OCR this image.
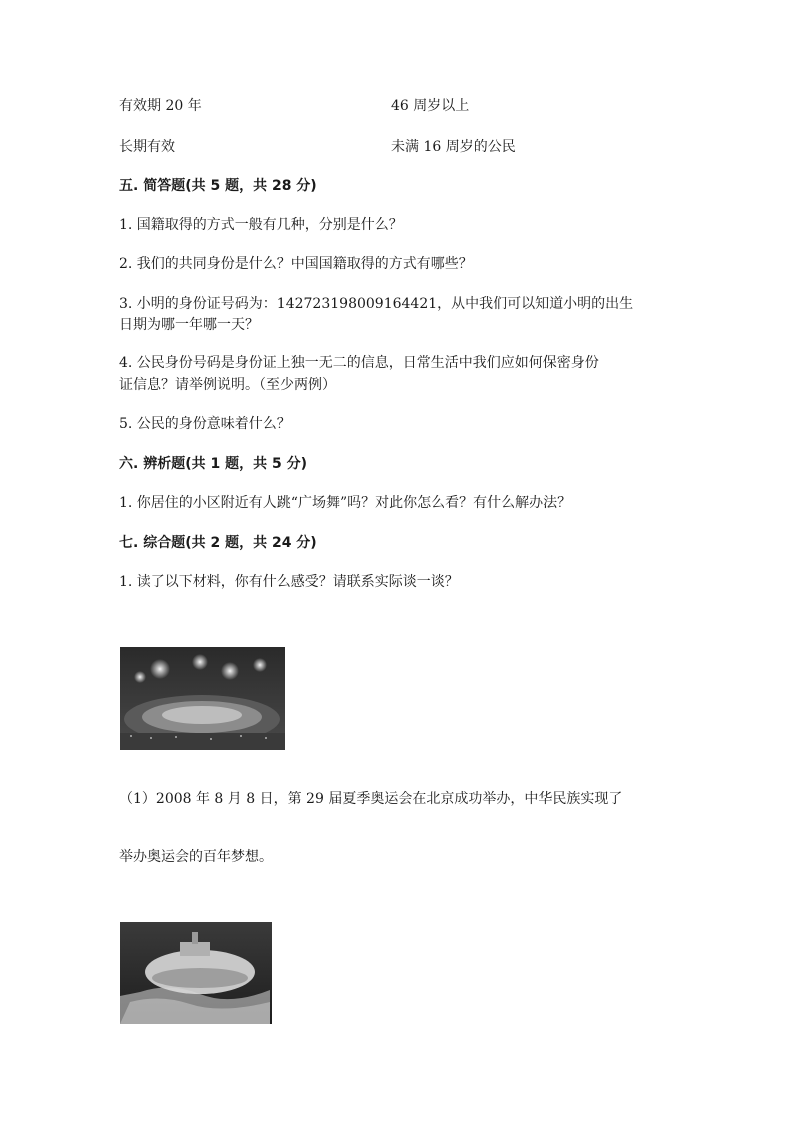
有效期 20 年	46 周岁以上
长期有效	未满 16 周岁的公民
五. 简答题(共 5 题，共 28 分)
1. 国籍取得的方式一般有几种，分别是什么？
2. 我们的共同身份是什么？中国国籍取得的方式有哪些？
3. 小明的身份证号码为：142723198009164421，从中我们可以知道小明的出生
日期为哪一年哪一天？
4. 公民身份号码是身份证上独一无二的信息，日常生活中我们应如何保密身份
证信息？请举例说明。（至少两例）
5. 公民的身份意味着什么？
六. 辨析题(共 1 题，共 5 分)
1. 你居住的小区附近有人跳“广场舞”吗？对此你怎么看？有什么解办法？
七. 综合题(共 2 题，共 24 分)
1. 读了以下材料，你有什么感受？请联系实际谈一谈？
（1）2008 年 8 月 8 日，第 29 届夏季奥运会在北京成功举办，中华民族实现了
举办奥运会的百年梦想。
